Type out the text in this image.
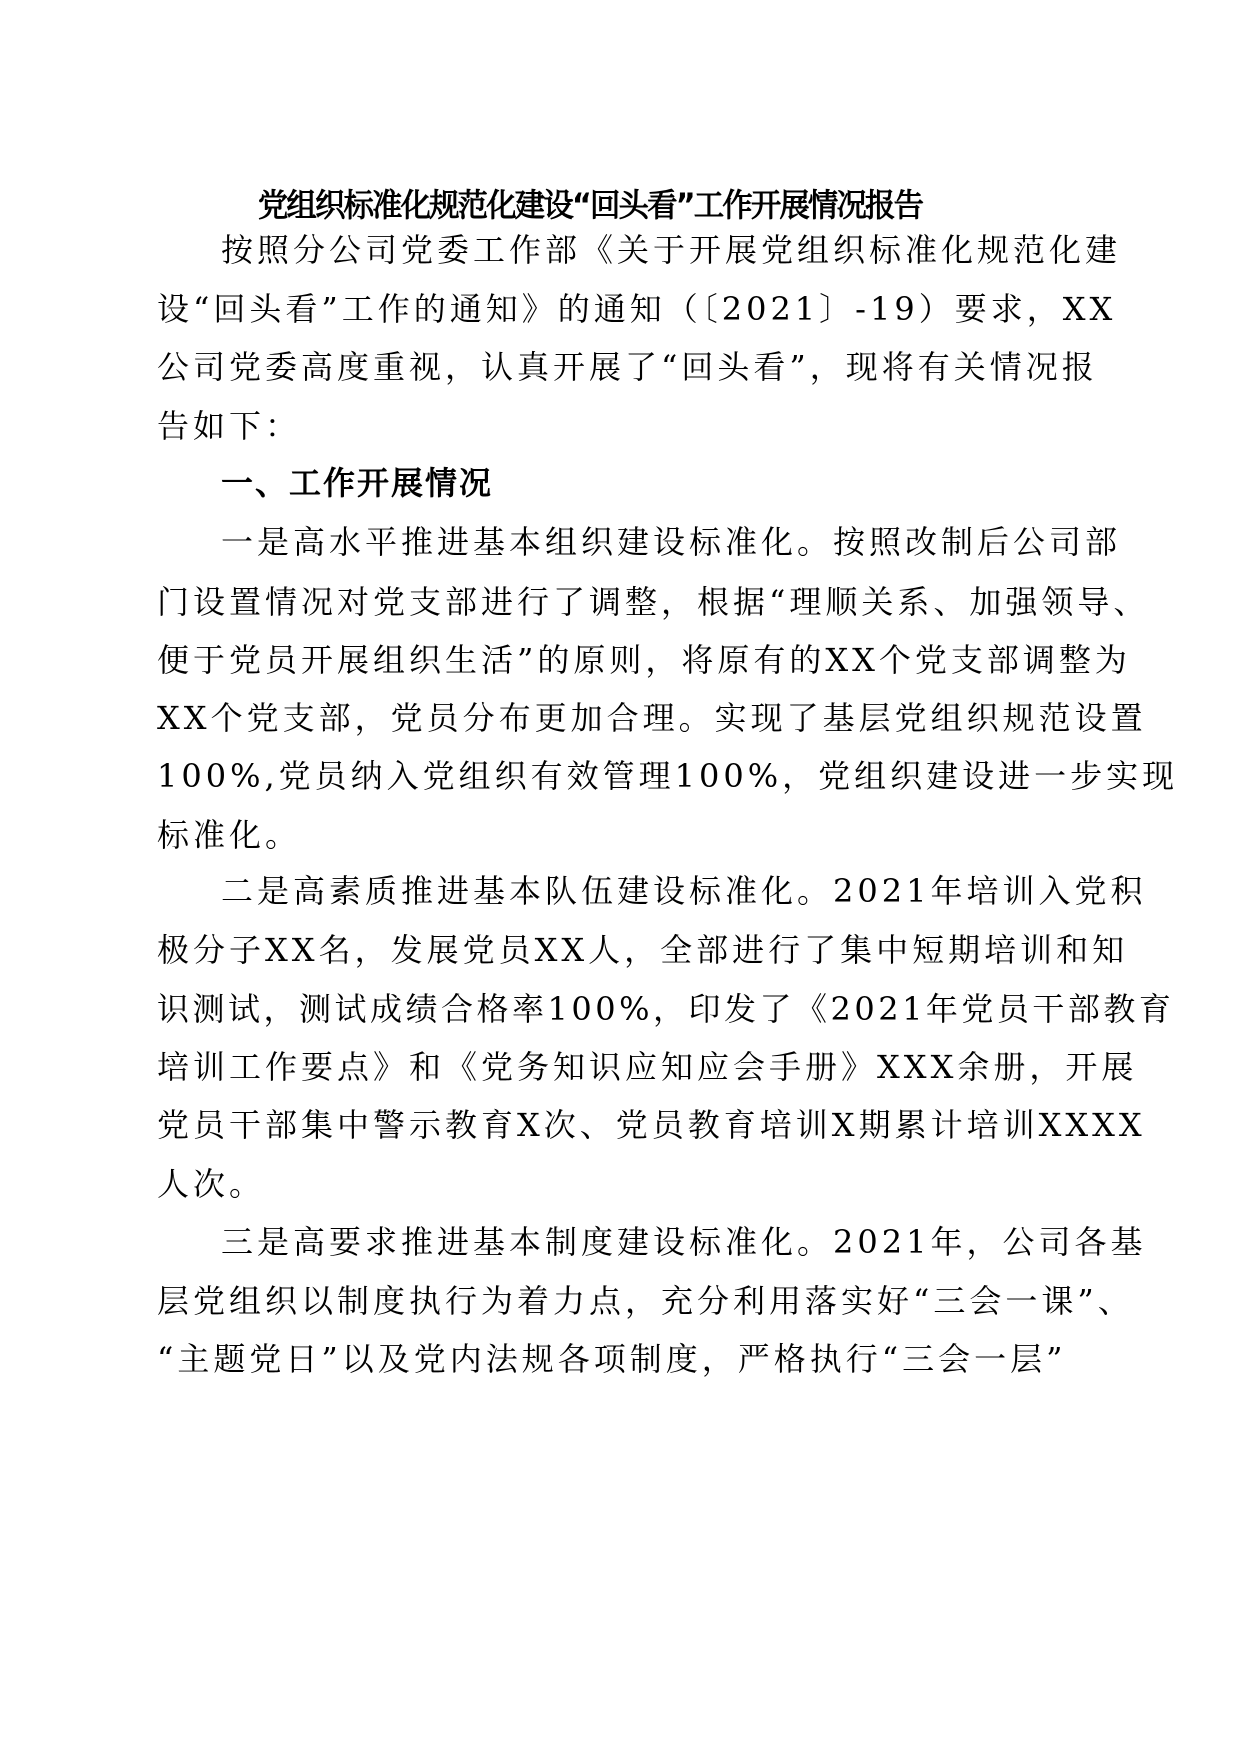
党组织标准化规范化建设“回头看”工作开展情况报告
按照分公司党委工作部《关于开展党组织标准化规范化建
设“回头看”工作的通知》的通知（〔2021〕-19）要求，XX
公司党委高度重视，认真开展了“回头看”，现将有关情况报
告如下：
一、工作开展情况
一是高水平推进基本组织建设标准化。按照改制后公司部
门设置情况对党支部进行了调整，根据“理顺关系、加强领导、
便于党员开展组织生活”的原则，将原有的XX个党支部调整为
XX个党支部，党员分布更加合理。实现了基层党组织规范设置
100%,党员纳入党组织有效管理100%，党组织建设进一步实现
标准化。
二是高素质推进基本队伍建设标准化。2021年培训入党积
极分子XX名，发展党员XX人，全部进行了集中短期培训和知
识测试，测试成绩合格率100%，印发了《2021年党员干部教育
培训工作要点》和《党务知识应知应会手册》XXX余册，开展
党员干部集中警示教育X次、党员教育培训X期累计培训XXXX
人次。
三是高要求推进基本制度建设标准化。2021年，公司各基
层党组织以制度执行为着力点，充分利用落实好“三会一课”、
“主题党日”以及党内法规各项制度，严格执行“三会一层”
